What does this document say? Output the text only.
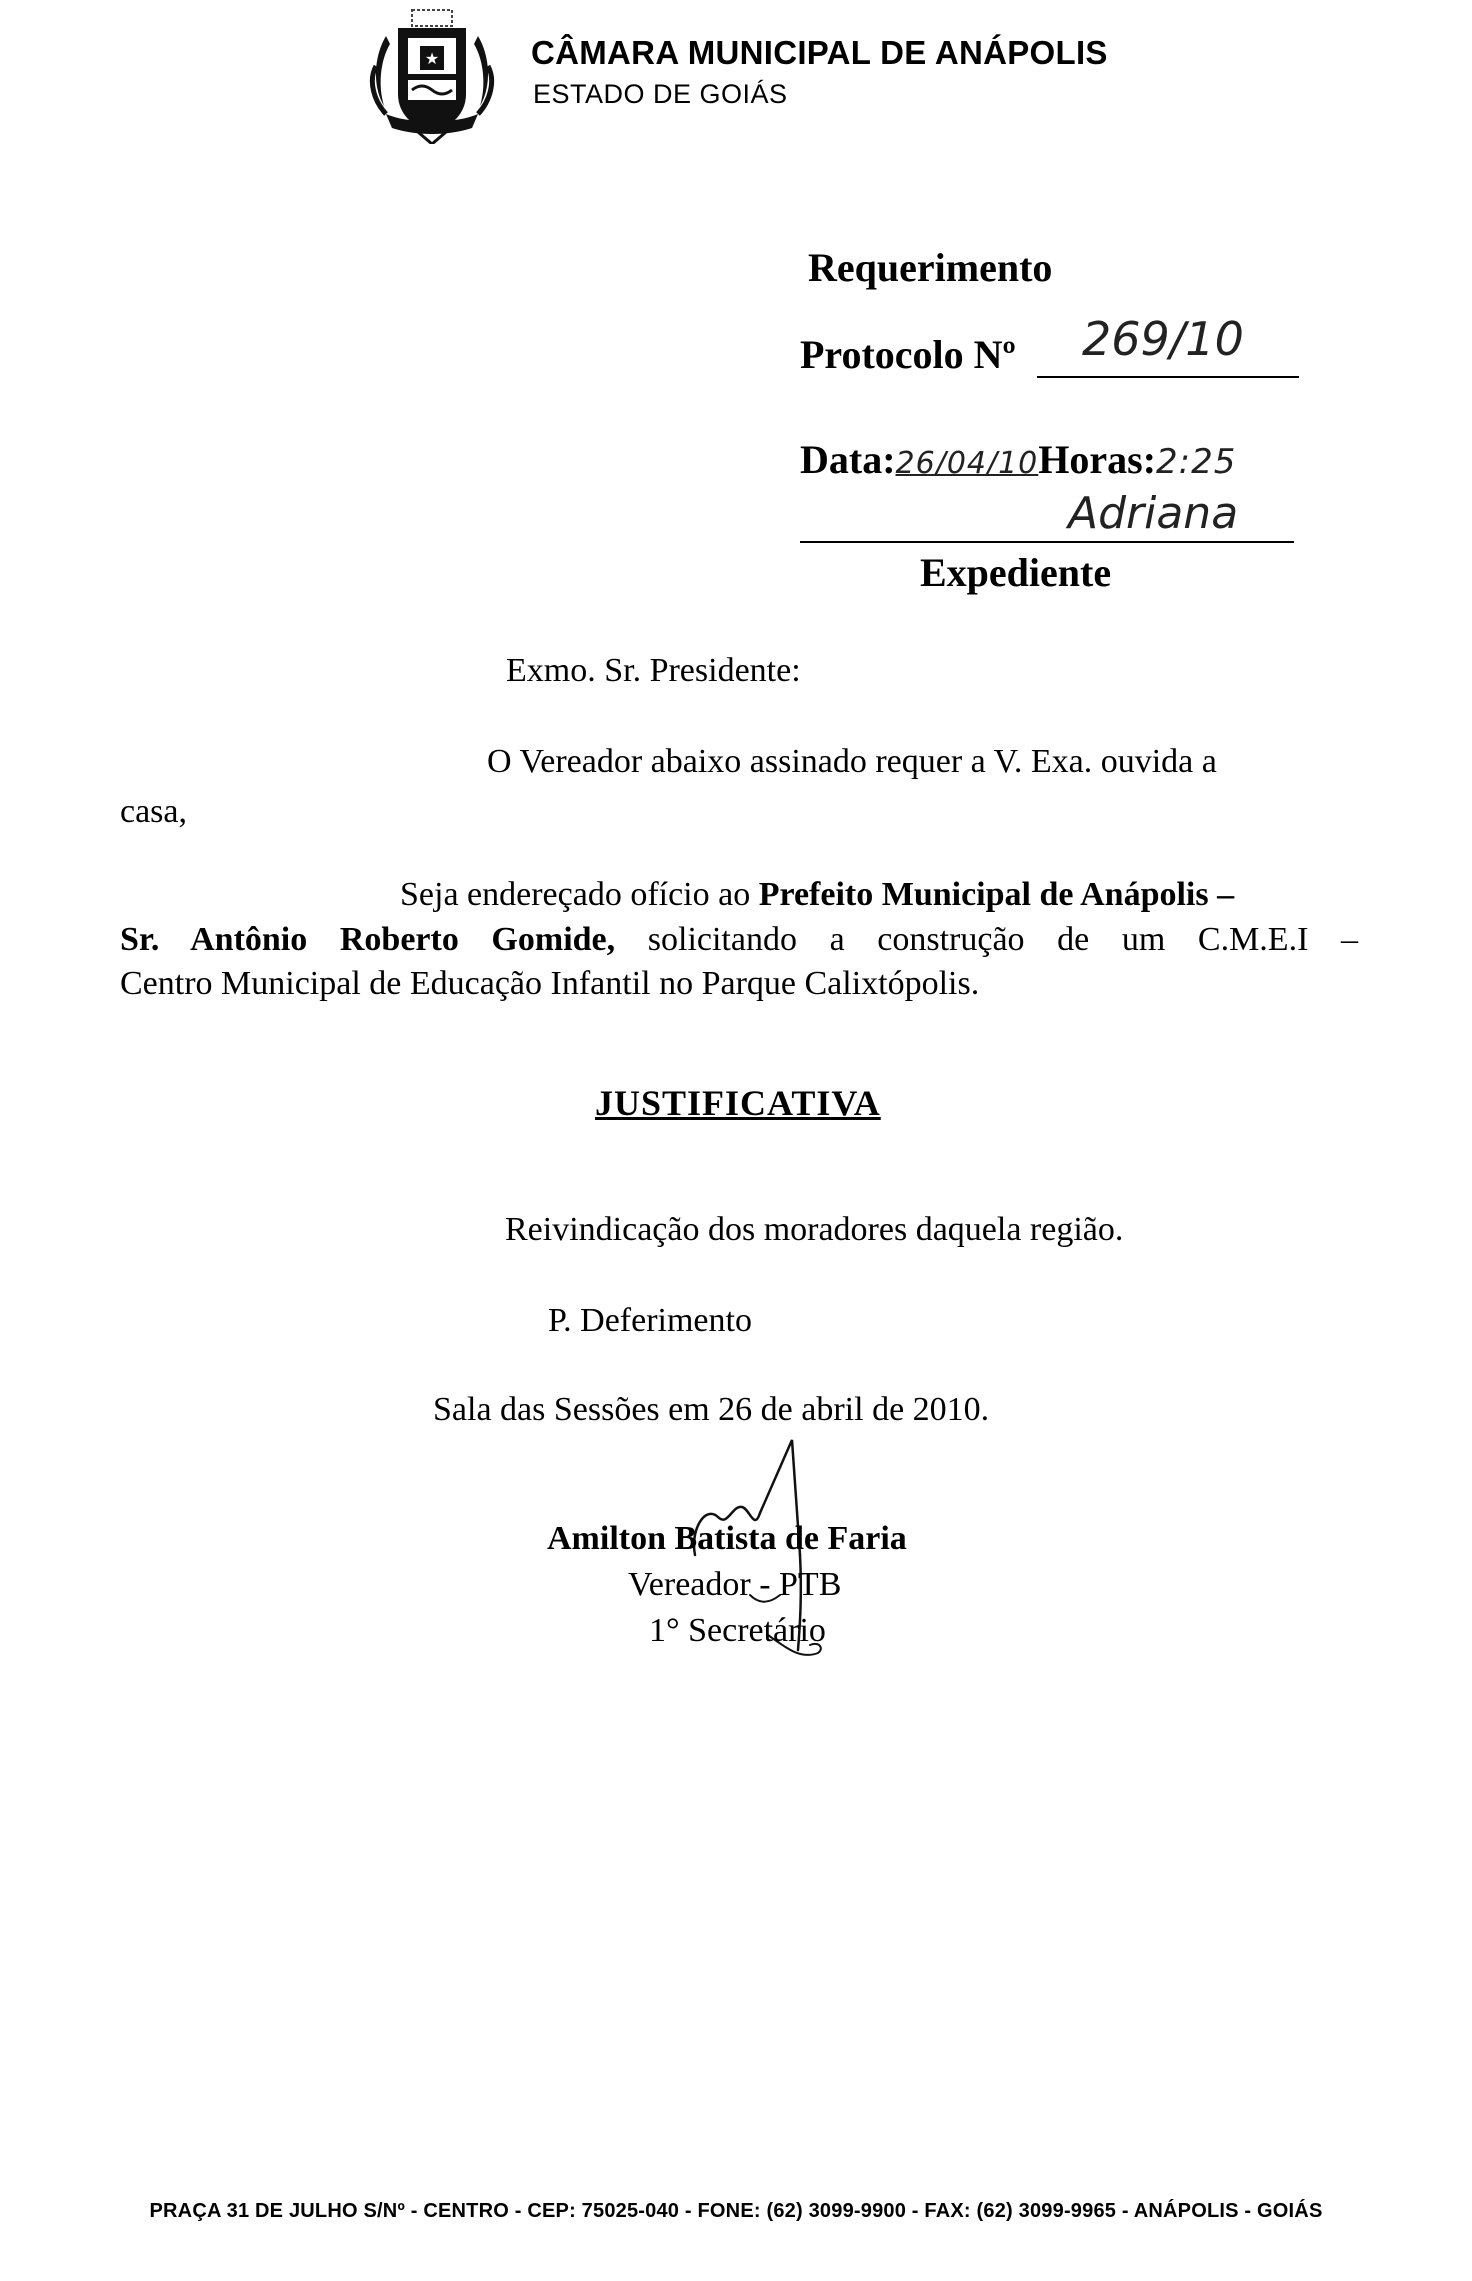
★	CÂMARA MUNICIPAL DE ANÁPOLIS
ESTADO DE GOIÁS
Requerimento
Protocolo Nº 269/10
Data:26/04/10Horas:2:25
Adriana
Expediente
Exmo. Sr. Presidente:
O Vereador abaixo assinado requer a V. Exa. ouvida a
casa,
Seja endereçado ofício ao Prefeito Municipal de Anápolis –
Sr. Antônio Roberto Gomide, solicitando a construção de um C.M.E.I –
Centro Municipal de Educação Infantil no Parque Calixtópolis.
JUSTIFICATIVA
Reivindicação dos moradores daquela região.
P. Deferimento
Sala das Sessões em 26 de abril de 2010.
Amilton Batista de Faria
Vereador - PTB
1° Secretário
PRAÇA 31 DE JULHO S/Nº - CENTRO - CEP: 75025-040 - FONE: (62) 3099-9900 - FAX: (62) 3099-9965 - ANÁPOLIS - GOIÁS
